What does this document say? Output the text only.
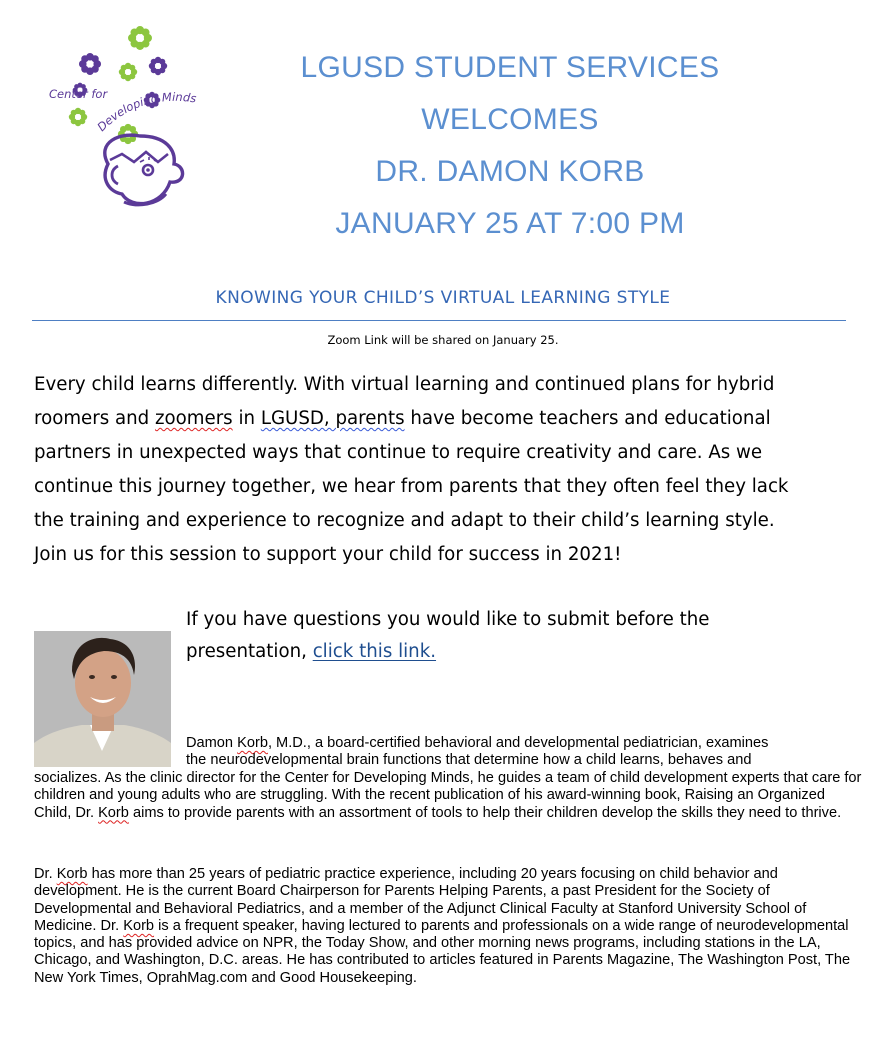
Center for
Developing Minds
LGUSD STUDENT SERVICES
WELCOMES
DR. DAMON KORB
JANUARY 25 AT 7:00 PM
KNOWING YOUR CHILD’S VIRTUAL LEARNING STYLE
Zoom Link will be shared on January 25.
Every child learns differently. With virtual learning and continued plans for hybrid
roomers and zoomers in LGUSD, parents have become teachers and educational
partners in unexpected ways that continue to require creativity and care. As we
continue this journey together, we hear from parents that they often feel they lack
the training and experience to recognize and adapt to their child’s learning style.
Join us for this session to support your child for success in 2021!
If you have questions you would like to submit before the
presentation, click this link.
Damon Korb, M.D., a board-certified behavioral and developmental pediatrician, examines
the neurodevelopmental brain functions that determine how a child learns, behaves and
socializes. As the clinic director for the Center for Developing Minds, he guides a team of child development experts that care for children and young adults who are struggling. With the recent publication of his award-winning book, Raising an Organized Child, Dr. Korb aims to provide parents with an assortment of tools to help their children develop the skills they need to thrive.
Dr. Korb has more than 25 years of pediatric practice experience, including 20 years focusing on child behavior and development. He is the current Board Chairperson for Parents Helping Parents, a past President for the Society of Developmental and Behavioral Pediatrics, and a member of the Adjunct Clinical Faculty at Stanford University School of Medicine. Dr. Korb is a frequent speaker, having lectured to parents and professionals on a wide range of neurodevelopmental topics, and has provided advice on NPR, the Today Show, and other morning news programs, including stations in the LA, Chicago, and Washington, D.C. areas. He has contributed to articles featured in Parents Magazine, The Washington Post, The New York Times, OprahMag.com and Good Housekeeping.
